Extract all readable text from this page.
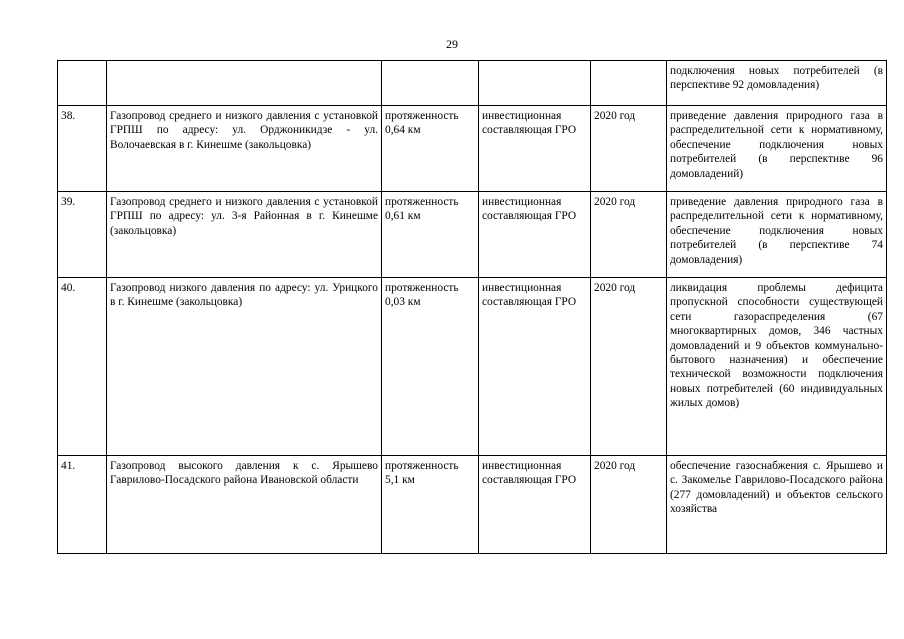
29
					подключения новых потребителей (в перспективе 92 домовладения)
38.	Газопровод среднего и низкого давления с установкой ГРПШ по адресу: ул. Орджоникидзе - ул. Волочаевская в г. Кинешме (закольцовка)	протяженность 0,64 км	инвестиционная составляющая ГРО	2020 год	приведение давления природного газа в распределительной сети к нормативному, обеспечение подключения новых потребителей (в перспективе 96 домовладений)
39.	Газопровод среднего и низкого давления с установкой ГРПШ по адресу: ул. 3-я Районная в г. Кинешме (закольцовка)	протяженность 0,61 км	инвестиционная составляющая ГРО	2020 год	приведение давления природного газа в распределительной сети к нормативному, обеспечение подключения новых потребителей (в перспективе 74 домовладения)
40.	Газопровод низкого давления по адресу: ул. Урицкого в г. Кинешме (закольцовка)	протяженность 0,03 км	инвестиционная составляющая ГРО	2020 год	ликвидация проблемы дефицита пропускной способности существующей сети газораспределения (67 многоквартирных домов, 346 частных домовладений и 9 объектов коммунально-бытового назначения) и обеспечение технической возможности подключения новых потребителей (60 индивидуальных жилых домов)
41.	Газопровод высокого давления к с. Ярышево Гаврилово-Посадского района Ивановской области	протяженность 5,1 км	инвестиционная составляющая ГРО	2020 год	обеспечение газоснабжения с. Ярышево и с. Закомелье Гаврилово-Посадского района (277 домовладений) и объектов сельского хозяйства
